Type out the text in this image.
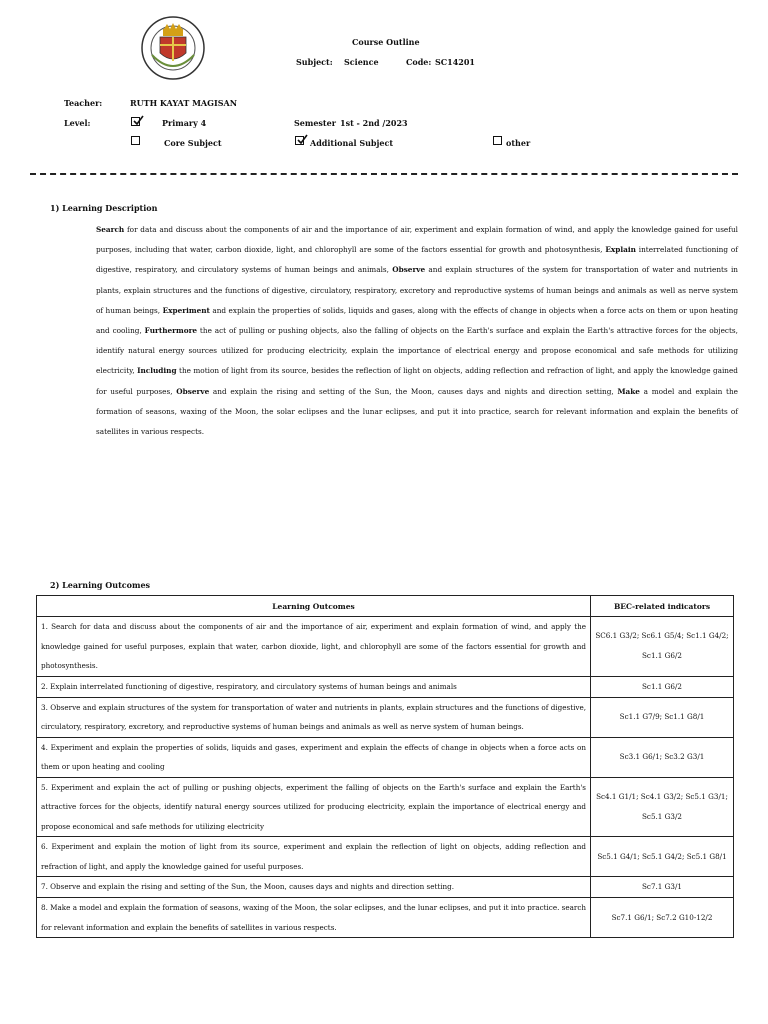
Course Outline
Subject: Science	Code: SC14201
Teacher:	RUTH KAYAT MAGISAN
Level:	Primary 4	Semester 1st - 2nd /2023
Core Subject	Additional Subject	other
1) Learning Description

Search for data and discuss about the components of air and the importance of air, experiment and explain formation of wind, and apply the knowledge gained for useful purposes, including that water, carbon dioxide, light, and chlorophyll are some of the factors essential for growth and photosynthesis, Explain interrelated functioning of digestive, respiratory, and circulatory systems of human beings and animals, Observe and explain structures of the system for transportation of water and nutrients in plants, explain structures and the functions of digestive, circulatory, respiratory, excretory and reproductive systems of human beings and animals as well as nerve system of human beings, Experiment and explain the properties of solids, liquids and gases, along with the effects of change in objects when a force acts on them or upon heating and cooling, Furthermore the act of pulling or pushing objects, also the falling of objects on the Earth's surface and explain the Earth's attractive forces for the objects, identify natural energy sources utilized for producing electricity, explain the importance of electrical energy and propose economical and safe methods for utilizing electricity, Including the motion of light from its source, besides the reflection of light on objects, adding reflection and refraction of light, and apply the knowledge gained for useful purposes, Observe and explain the rising and setting of the Sun, the Moon, causes days and nights and direction setting, Make a model and explain the formation of seasons, waxing of the Moon, the solar eclipses and the lunar eclipses, and put it into practice, search for relevant information and explain the benefits of satellites in various respects.

2) Learning Outcomes
Learning Outcomes	BEC-related indicators
1. Search for data and discuss about the components of air and the importance of air, experiment and explain formation of wind, and apply the knowledge gained for useful purposes, explain that water, carbon dioxide, light, and chlorophyll are some of the factors essential for growth and photosynthesis.	SC6.1 G3/2; Sc6.1 G5/4; Sc1.1 G4/2; Sc1.1 G6/2
2. Explain interrelated functioning of digestive, respiratory, and circulatory systems of human beings and animals	Sc1.1 G6/2
3. Observe and explain structures of the system for transportation of water and nutrients in plants, explain structures and the functions of digestive, circulatory, respiratory, excretory, and reproductive systems of human beings and animals as well as nerve system of human beings.	Sc1.1 G7/9; Sc1.1 G8/1
4. Experiment and explain the properties of solids, liquids and gases, experiment and explain the effects of change in objects when a force acts on them or upon heating and cooling	Sc3.1 G6/1; Sc3.2 G3/1
5. Experiment and explain the act of pulling or pushing objects, experiment the falling of objects on the Earth's surface and explain the Earth's attractive forces for the objects, identify natural energy sources utilized for producing electricity, explain the importance of electrical energy and propose economical and safe methods for utilizing electricity	Sc4.1 G1/1; Sc4.1 G3/2; Sc5.1 G3/1; Sc5.1 G3/2
6. Experiment and explain the motion of light from its source, experiment and explain the reflection of light on objects, adding reflection and refraction of light, and apply the knowledge gained for useful purposes.	Sc5.1 G4/1; Sc5.1 G4/2; Sc5.1 G8/1
7. Observe and explain the rising and setting of the Sun, the Moon, causes days and nights and direction setting.	Sc7.1 G3/1
8. Make a model and explain the formation of seasons, waxing of the Moon, the solar eclipses, and the lunar eclipses, and put it into practice. search for relevant information and explain the benefits of satellites in various respects.	Sc7.1 G6/1; Sc7.2 G10-12/2
